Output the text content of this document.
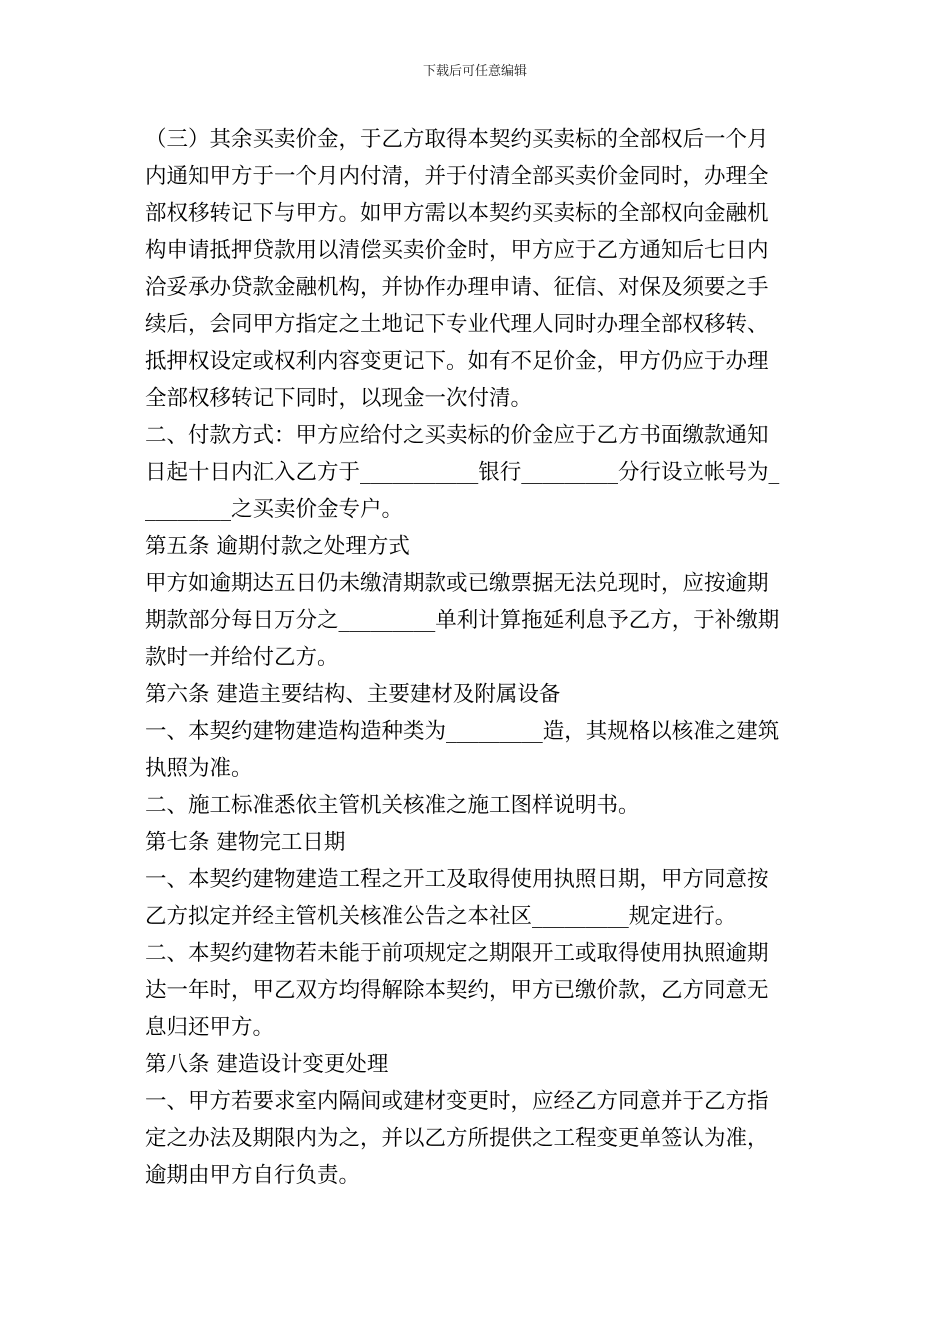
下载后可任意编辑
（三）其余买卖价金，于乙方取得本契约买卖标的全部权后一个月
内通知甲方于一个月内付清，并于付清全部买卖价金同时，办理全
部权移转记下与甲方。如甲方需以本契约买卖标的全部权向金融机
构申请抵押贷款用以清偿买卖价金时，甲方应于乙方通知后七日内
洽妥承办贷款金融机构，并协作办理申请、征信、对保及须要之手
续后，会同甲方指定之土地记下专业代理人同时办理全部权移转、
抵押权设定或权利内容变更记下。如有不足价金，甲方仍应于办理
全部权移转记下同时，以现金一次付清。
二、付款方式：甲方应给付之买卖标的价金应于乙方书面缴款通知
日起十日内汇入乙方于___________银行_________分行设立帐号为_
________之买卖价金专户。
第五条 逾期付款之处理方式
甲方如逾期达五日仍未缴清期款或已缴票据无法兑现时，应按逾期
期款部分每日万分之_________单利计算拖延利息予乙方，于补缴期
款时一并给付乙方。
第六条 建造主要结构、主要建材及附属设备
一、本契约建物建造构造种类为_________造，其规格以核准之建筑
执照为准。
二、施工标准悉依主管机关核准之施工图样说明书。
第七条 建物完工日期
一、本契约建物建造工程之开工及取得使用执照日期，甲方同意按
乙方拟定并经主管机关核准公告之本社区_________规定进行。
二、本契约建物若未能于前项规定之期限开工或取得使用执照逾期
达一年时，甲乙双方均得解除本契约，甲方已缴价款，乙方同意无
息归还甲方。
第八条 建造设计变更处理
一、甲方若要求室内隔间或建材变更时，应经乙方同意并于乙方指
定之办法及期限内为之，并以乙方所提供之工程变更单签认为准，
逾期由甲方自行负责。
